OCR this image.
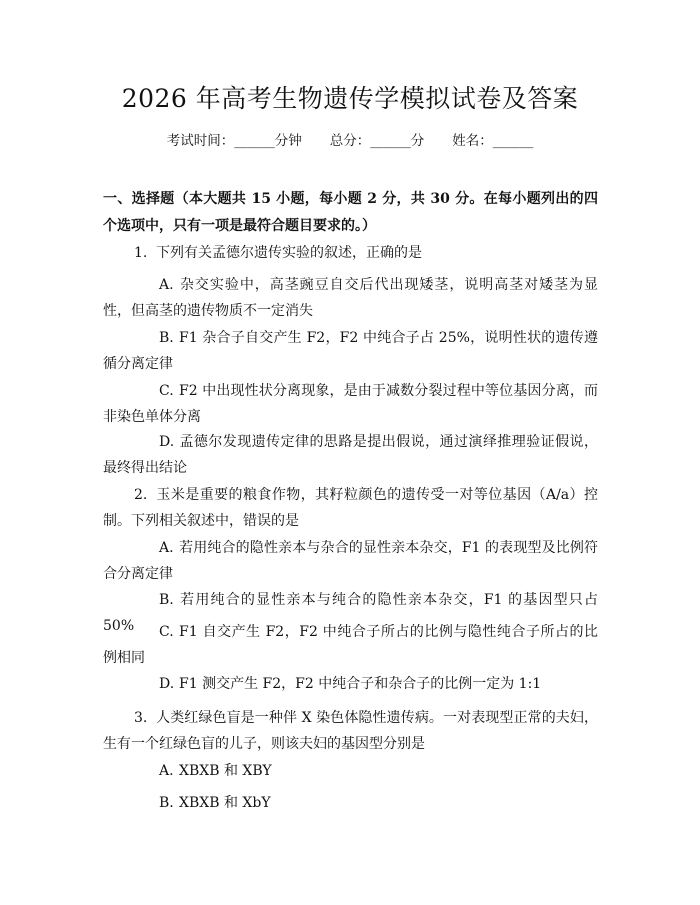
2026 年高考生物遗传学模拟试卷及答案
考试时间：______分钟 总分：______分 姓名：______
一、选择题（本大题共 15 小题，每小题 2 分，共 30 分。在每小题列出的四个选项中，只有一项是最符合题目要求的。）
1. 下列有关孟德尔遗传实验的叙述，正确的是
A. 杂交实验中，高茎豌豆自交后代出现矮茎，说明高茎对矮茎为显性，但高茎的遗传物质不一定消失
B. F1 杂合子自交产生 F2，F2 中纯合子占 25%，说明性状的遗传遵循分离定律
C. F2 中出现性状分离现象，是由于减数分裂过程中等位基因分离，而非染色单体分离
D. 孟德尔发现遗传定律的思路是提出假说，通过演绎推理验证假说，最终得出结论
2. 玉米是重要的粮食作物，其籽粒颜色的遗传受一对等位基因（A/a）控制。下列相关叙述中，错误的是
A. 若用纯合的隐性亲本与杂合的显性亲本杂交，F1 的表现型及比例符合分离定律
B. 若用纯合的显性亲本与纯合的隐性亲本杂交，F1 的基因型只占 50%	C. F1 自交产生 F2，F2 中纯合子所占的比例与隐性纯合子所占的比例相同
D. F1 测交产生 F2，F2 中纯合子和杂合子的比例一定为 1:1
3. 人类红绿色盲是一种伴 X 染色体隐性遗传病。一对表现型正常的夫妇，生有一个红绿色盲的儿子，则该夫妇的基因型分别是
A. XBXB 和 XBY
B. XBXB 和 XbY
